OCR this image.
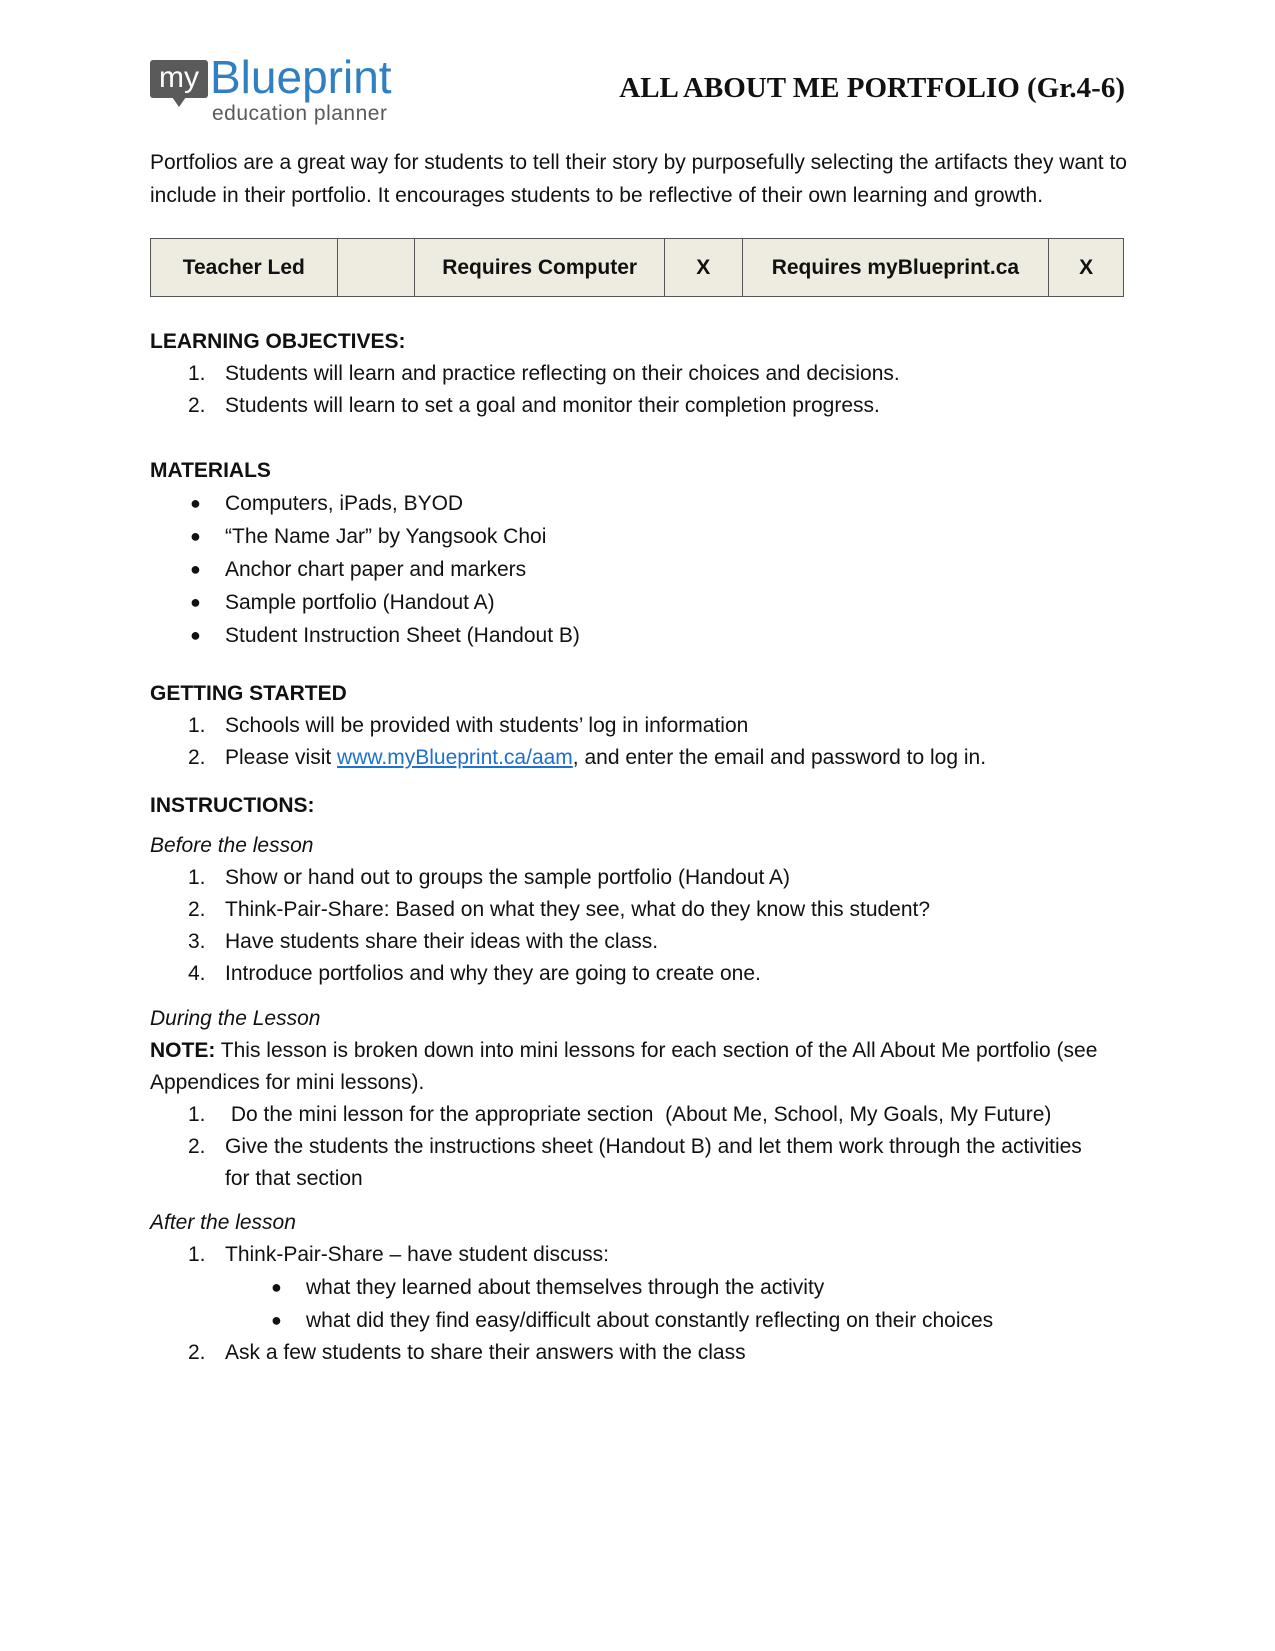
my Blueprint
education planner
ALL ABOUT ME PORTFOLIO (Gr.4-6)

Portfolios are a great way for students to tell their story by purposefully selecting the artifacts they want to include in their portfolio. It encourages students to be reflective of their own learning and growth.

Teacher Led		Requires Computer	X	Requires myBlueprint.ca	X

LEARNING OBJECTIVES:

1. Students will learn and practice reflecting on their choices and decisions.
2. Students will learn to set a goal and monitor their completion progress.

MATERIALS

● Computers, iPads, BYOD
● “The Name Jar” by Yangsook Choi
● Anchor chart paper and markers
● Sample portfolio (Handout A)
● Student Instruction Sheet (Handout B)

GETTING STARTED

1. Schools will be provided with students’ log in information
2. Please visit www.myBlueprint.ca/aam, and enter the email and password to log in.

INSTRUCTIONS:

Before the lesson

1. Show or hand out to groups the sample portfolio (Handout A)
2. Think-Pair-Share: Based on what they see, what do they know this student?
3. Have students share their ideas with the class.
4. Introduce portfolios and why they are going to create one.

During the Lesson

NOTE: This lesson is broken down into mini lessons for each section of the All About Me portfolio (see Appendices for mini lessons).

1. Do the mini lesson for the appropriate section  (About Me, School, My Goals, My Future)
2. Give the students the instructions sheet (Handout B) and let them work through the activities for that section

After the lesson

1. Think-Pair-Share – have student discuss:
● what they learned about themselves through the activity
● what did they find easy/difficult about constantly reflecting on their choices
2. Ask a few students to share their answers with the class
